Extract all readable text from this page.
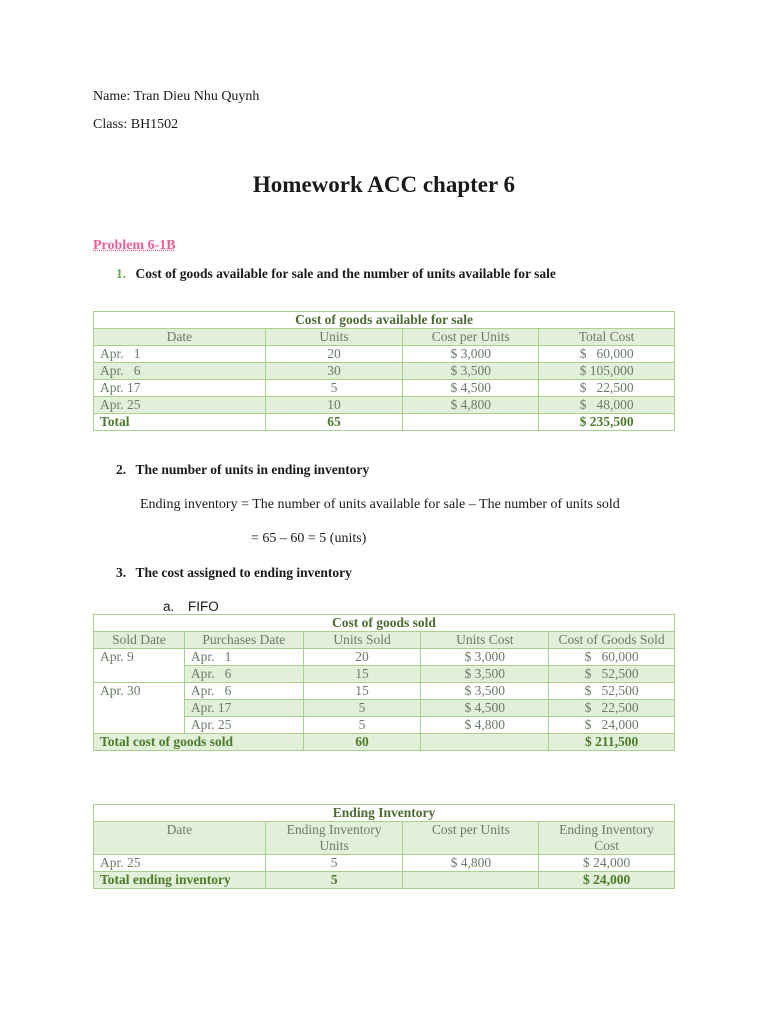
Name: Tran Dieu Nhu Quynh
Class: BH1502
Homework ACC chapter 6
Problem 6-1B
1. Cost of goods available for sale and the number of units available for sale
Cost of goods available for sale			
Date	Units	Cost per Units	Total Cost
Apr.   1	20	$ 3,000	$   60,000
Apr.   6	30	$ 3,500	$ 105,000
Apr. 17	5	$ 4,500	$   22,500
Apr. 25	10	$ 4,800	$   48,000
Total	65		$ 235,500
2. The number of units in ending inventory
Ending inventory = The number of units available for sale – The number of units sold
= 65 – 60 = 5 (units)
3. The cost assigned to ending inventory
a. FIFO
Cost of goods sold				
Sold Date	Purchases Date	Units Sold	Units Cost	Cost of Goods Sold
Apr. 9	Apr.   1	20	$ 3,000	$   60,000
	Apr.   6	15	$ 3,500	$   52,500
Apr. 30	Apr.   6	15	$ 3,500	$   52,500
	Apr. 17	5	$ 4,500	$   22,500
	Apr. 25	5	$ 4,800	$   24,000
Total cost of goods sold		60		$ 211,500
Ending Inventory			
Date	Ending Inventory Units	Cost per Units	Ending Inventory Cost
Apr. 25	5	$ 4,800	$ 24,000
Total ending inventory	5		$ 24,000
